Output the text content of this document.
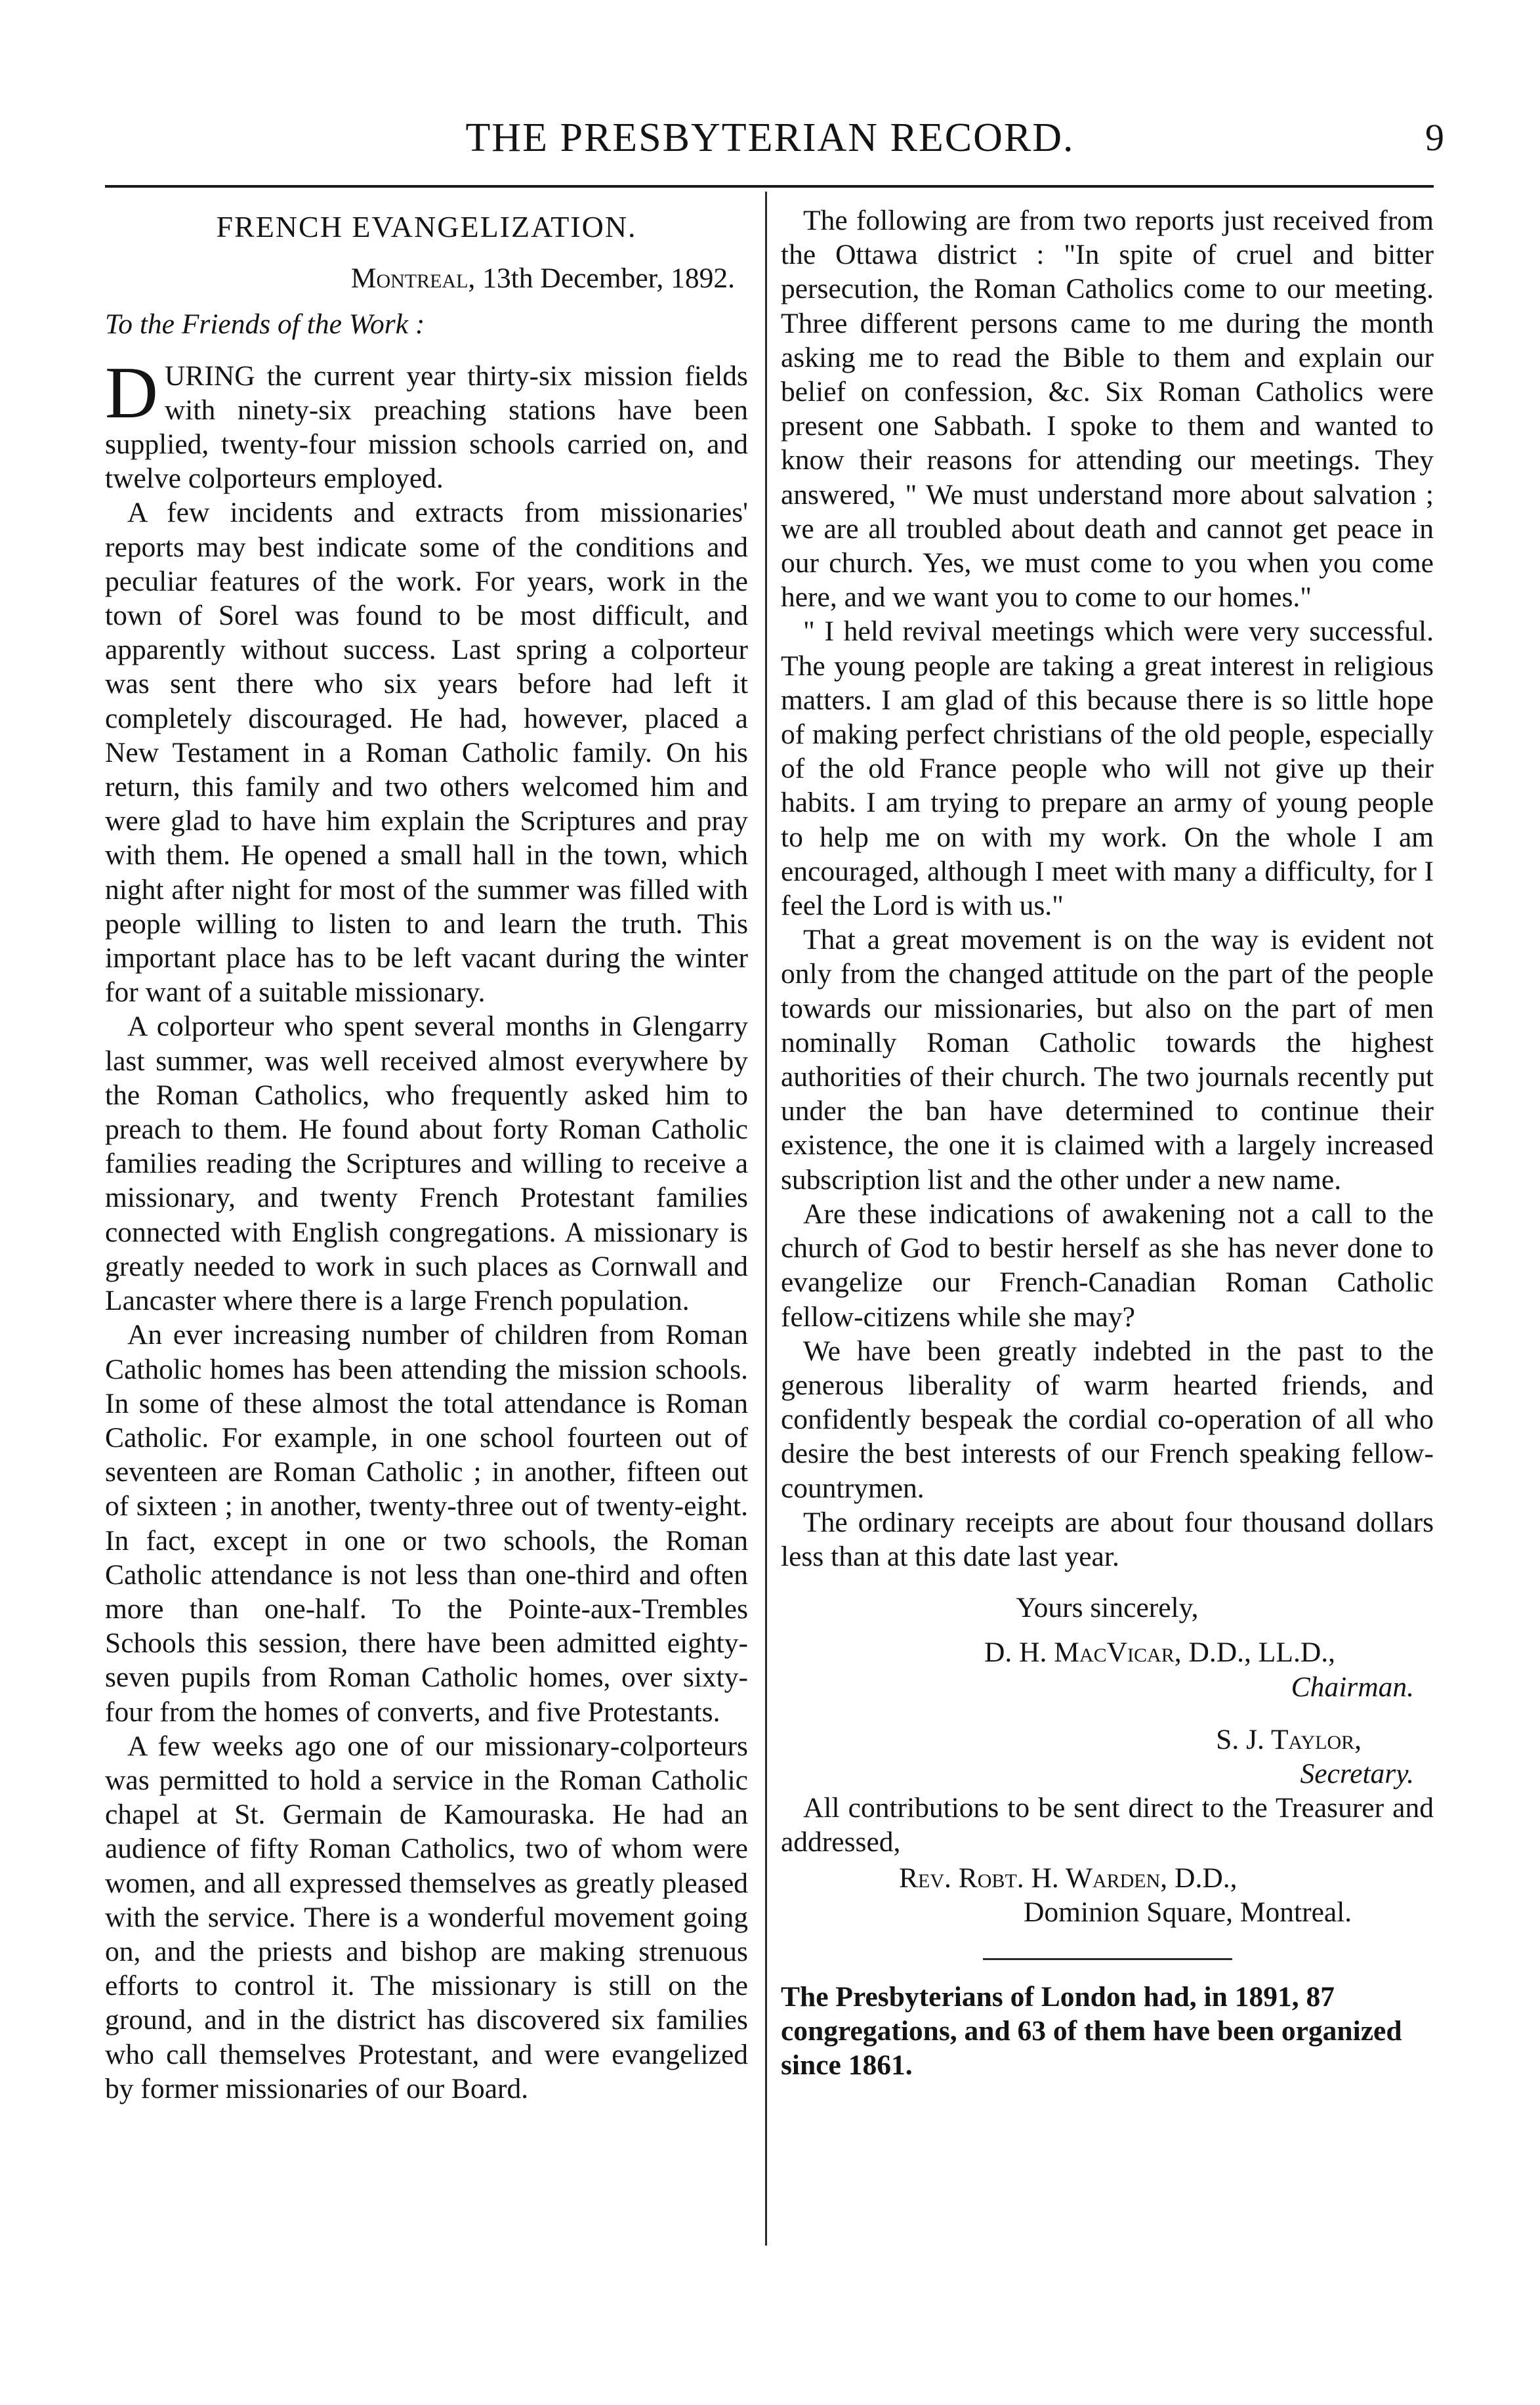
THE PRESBYTERIAN RECORD.	9
FRENCH EVANGELIZATION.
Montreal, 13th December, 1892.
To the Friends of the Work :

DURING the current year thirty-six mission fields with ninety-six preaching stations have been supplied, twenty-four mission schools carried on, and twelve colporteurs employed.

A few incidents and extracts from missionaries' reports may best indicate some of the conditions and peculiar features of the work. For years, work in the town of Sorel was found to be most difficult, and apparently without success. Last spring a colporteur was sent there who six years before had left it completely discouraged. He had, however, placed a New Testament in a Roman Catholic family. On his return, this family and two others welcomed him and were glad to have him explain the Scriptures and pray with them. He opened a small hall in the town, which night after night for most of the summer was filled with people willing to listen to and learn the truth. This important place has to be left vacant during the winter for want of a suitable missionary.

A colporteur who spent several months in Glengarry last summer, was well received almost everywhere by the Roman Catholics, who frequently asked him to preach to them. He found about forty Roman Catholic families reading the Scriptures and willing to receive a missionary, and twenty French Protestant families connected with English congregations. A missionary is greatly needed to work in such places as Cornwall and Lancaster where there is a large French population.

An ever increasing number of children from Roman Catholic homes has been attending the mission schools. In some of these almost the total attendance is Roman Catholic. For example, in one school fourteen out of seventeen are Roman Catholic ; in another, fifteen out of sixteen ; in another, twenty-three out of twenty-eight. In fact, except in one or two schools, the Roman Catholic attendance is not less than one-third and often more than one-half. To the Pointe-aux-Trembles Schools this session, there have been admitted eighty-seven pupils from Roman Catholic homes, over sixty-four from the homes of converts, and five Protestants.

A few weeks ago one of our missionary-colporteurs was permitted to hold a service in the Roman Catholic chapel at St. Germain de Kamouraska. He had an audience of fifty Roman Catholics, two of whom were women, and all expressed themselves as greatly pleased with the service. There is a wonderful movement going on, and the priests and bishop are making strenuous efforts to control it. The missionary is still on the ground, and in the district has discovered six families who call themselves Protestant, and were evangelized by former missionaries of our Board.

The following are from two reports just received from the Ottawa district : "In spite of cruel and bitter persecution, the Roman Catholics come to our meeting. Three different persons came to me during the month asking me to read the Bible to them and explain our belief on confession, &c. Six Roman Catholics were present one Sabbath. I spoke to them and wanted to know their reasons for attending our meetings. They answered, " We must understand more about salvation ; we are all troubled about death and cannot get peace in our church. Yes, we must come to you when you come here, and we want you to come to our homes."

" I held revival meetings which were very successful. The young people are taking a great interest in religious matters. I am glad of this because there is so little hope of making perfect christians of the old people, especially of the old France people who will not give up their habits. I am trying to prepare an army of young people to help me on with my work. On the whole I am encouraged, although I meet with many a difficulty, for I feel the Lord is with us."

That a great movement is on the way is evident not only from the changed attitude on the part of the people towards our missionaries, but also on the part of men nominally Roman Catholic towards the highest authorities of their church. The two journals recently put under the ban have determined to continue their existence, the one it is claimed with a largely increased subscription list and the other under a new name.

Are these indications of awakening not a call to the church of God to bestir herself as she has never done to evangelize our French-Canadian Roman Catholic fellow-citizens while she may?

We have been greatly indebted in the past to the generous liberality of warm hearted friends, and confidently bespeak the cordial co-operation of all who desire the best interests of our French speaking fellow-countrymen.

The ordinary receipts are about four thousand dollars less than at this date last year.

Yours sincerely,
D. H. MacVicar, D.D., LL.D.,
Chairman.
S. J. Taylor,
Secretary.

All contributions to be sent direct to the Treasurer and addressed,

Rev. Robt. H. Warden, D.D.,
Dominion Square, Montreal.
The Presbyterians of London had, in 1891, 87
congregations, and 63 of them have been organized
since 1861.
